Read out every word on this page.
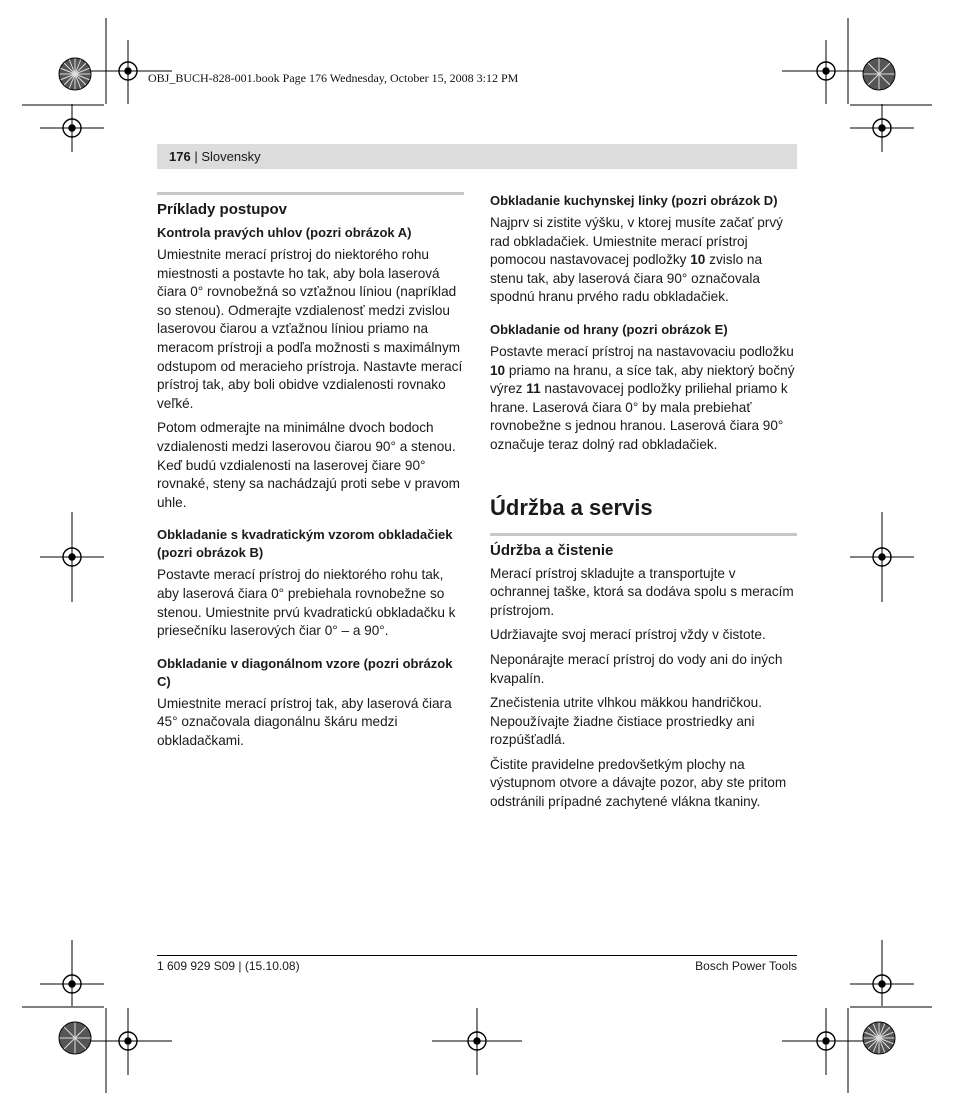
OBJ_BUCH-828-001.book Page 176 Wednesday, October 15, 2008 3:12 PM
176 | Slovensky
Príklady postupov
Kontrola pravých uhlov (pozri obrázok A)

Umiestnite merací prístroj do niektorého rohu miestnosti a postavte ho tak, aby bola laserová čiara 0° rovnobežná so vzťažnou líniou (napríklad so stenou). Odmerajte vzdialenosť medzi zvislou laserovou čiarou a vzťažnou líniou priamo na meracom prístroji a podľa možnosti s maximálnym odstupom od meracieho prístroja. Nastavte merací prístroj tak, aby boli obidve vzdialenosti rovnako veľké.

Potom odmerajte na minimálne dvoch bodoch vzdialenosti medzi laserovou čiarou 90° a stenou. Keď budú vzdialenosti na laserovej čiare 90° rovnaké, steny sa nachádzajú proti sebe v pravom uhle.

Obkladanie s kvadratickým vzorom obkladačiek (pozri obrázok B)

Postavte merací prístroj do niektorého rohu tak, aby laserová čiara 0° prebiehala rovnobežne so stenou. Umiestnite prvú kvadratickú obkladačku k priesečníku laserových čiar 0° – a 90°.

Obkladanie v diagonálnom vzore (pozri obrázok C)

Umiestnite merací prístroj tak, aby laserová čiara 45° označovala diagonálnu škáru medzi obkladačkami.

Obkladanie kuchynskej linky (pozri obrázok D)

Najprv si zistite výšku, v ktorej musíte začať prvý rad obkladačiek. Umiestnite merací prístroj pomocou nastavovacej podložky 10 zvislo na stenu tak, aby laserová čiara 90° označovala spodnú hranu prvého radu obkladačiek.

Obkladanie od hrany (pozri obrázok E)

Postavte merací prístroj na nastavovaciu podložku 10 priamo na hranu, a síce tak, aby niektorý bočný výrez 11 nastavovacej podložky priliehal priamo k hrane. Laserová čiara 0° by mala prebiehať rovnobežne s jednou hranou. Laserová čiara 90° označuje teraz dolný rad obkladačiek.

Údržba a servis
Údržba a čistenie

Merací prístroj skladujte a transportujte v ochrannej taške, ktorá sa dodáva spolu s meracím prístrojom.

Udržiavajte svoj merací prístroj vždy v čistote.

Neponárajte merací prístroj do vody ani do iných kvapalín.

Znečistenia utrite vlhkou mäkkou handričkou. Nepoužívajte žiadne čistiace prostriedky ani rozpúšťadlá.

Čistite pravidelne predovšetkým plochy na výstupnom otvore a dávajte pozor, aby ste pritom odstránili prípadné zachytené vlákna tkaniny.

1 609 929 S09 | (15.10.08)	Bosch Power Tools
